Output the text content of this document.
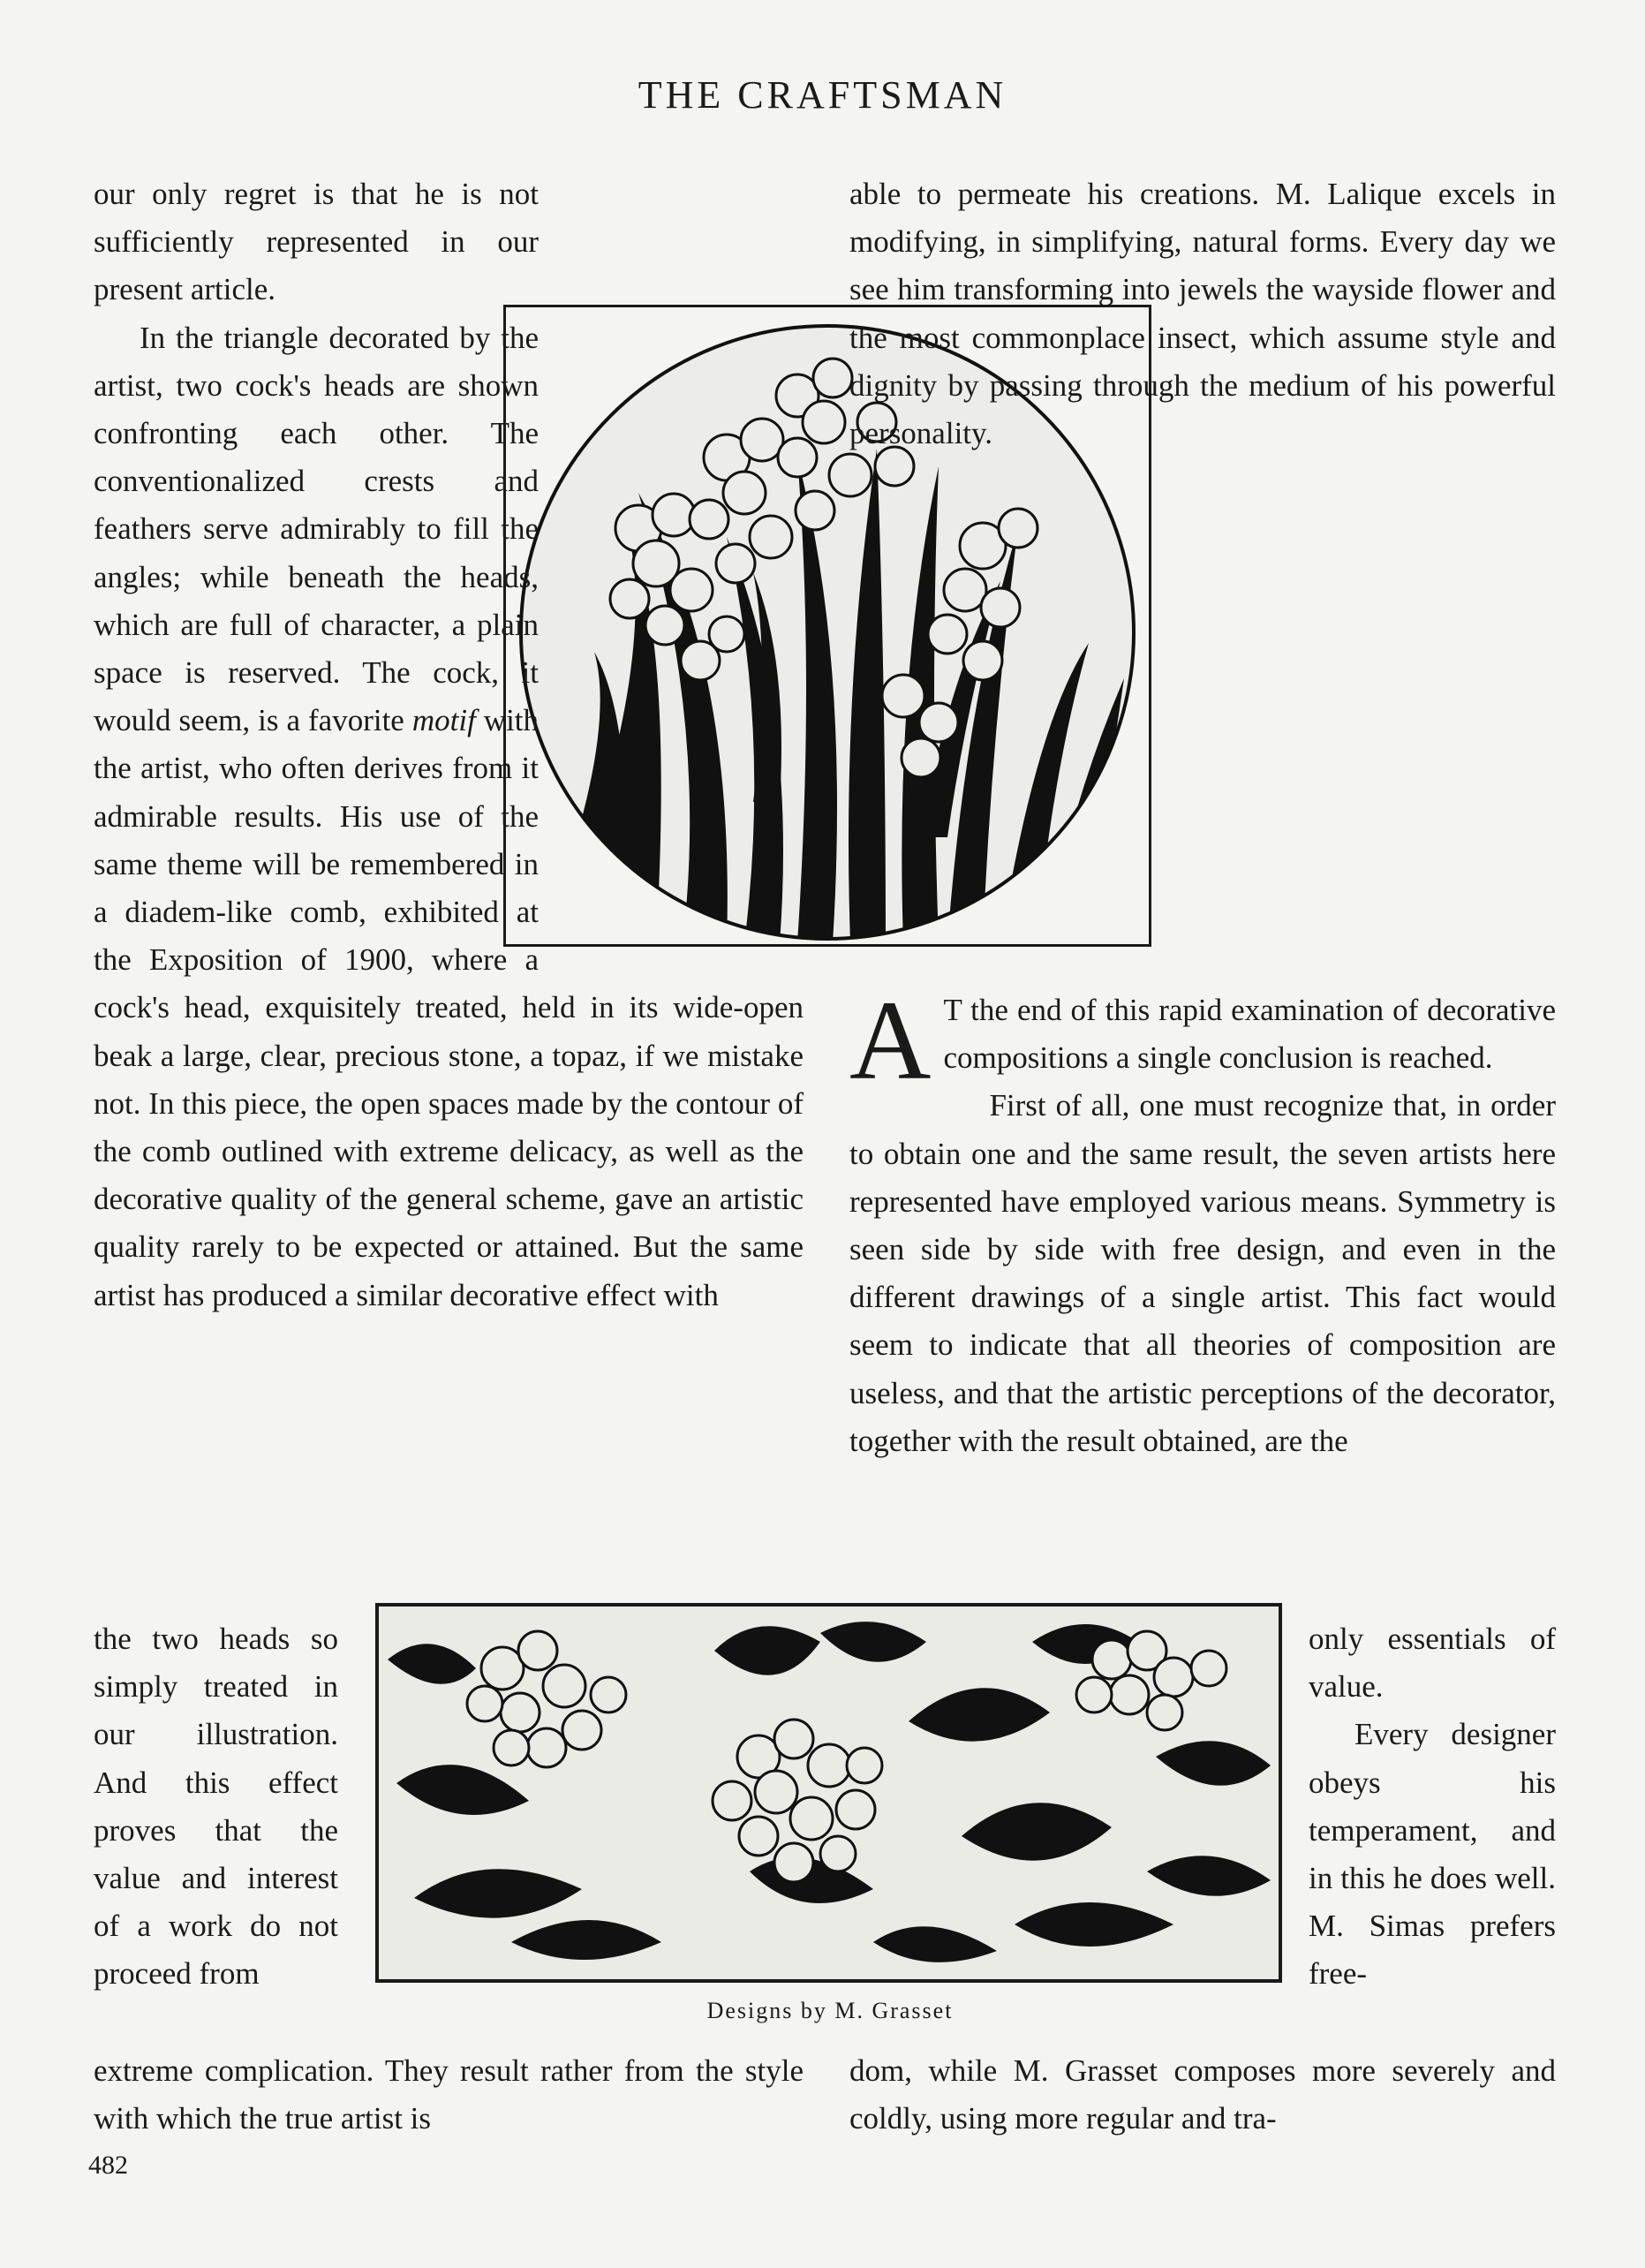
THE CRAFTSMAN
Designs by M. Grasset

our only regret is that he is not sufficiently represented in our present article.

In the triangle decorated by the artist, two cock's heads are shown confronting each other. The conventionalized crests and feathers serve admirably to fill the angles; while beneath the heads, which are full of character, a plain space is reserved. The cock, it would seem, is a favorite motif with the artist, who often derives from it admirable results. His use of the same theme will be remembered in a diadem-like comb, exhibited at the Exposition of 1900, where a cock's head, exquisitely treated, held in its wide-open beak a large, clear, precious stone, a topaz, if we mistake not. In this piece, the open spaces made by the contour of the comb outlined with extreme delicacy, as well as the decorative quality of the general scheme, gave an artistic quality rarely to be expected or attained. But the same artist has produced a similar decorative effect with

able to permeate his creations. M. Lalique excels in modifying, in simplifying, natural forms. Every day we see him transforming into jewels the wayside flower and the most commonplace insect, which assume style and dignity by passing through the medium of his powerful personality.

the two heads so simply treated in our illustration. And this effect proves that the value and interest of a work do not proceed from

extreme complication. They result rather from the style with which the true artist is

A T the end of this rapid examination of decorative compositions a single conclusion is reached.

First of all, one must recognize that, in order to obtain one and the same result, the seven artists here represented have employed various means. Symmetry is seen side by side with free design, and even in the different drawings of a single artist. This fact would seem to indicate that all theories of composition are useless, and that the artistic perceptions of the decorator, together with the result obtained, are the

only essentials of value.

Every designer obeys his temperament, and in this he does well. M. Simas prefers free-

dom, while M. Grasset composes more severely and coldly, using more regular and tra-

482
